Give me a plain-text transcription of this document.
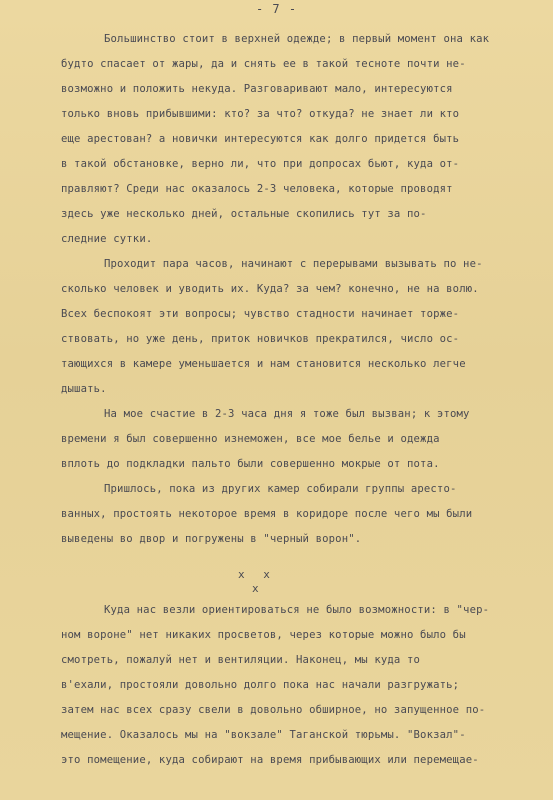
- 7 -
Большинство стоит в верхней одежде; в первый момент она как
будто спасает от жары, да и снять ее в такой тесноте почти не-
возможно и положить некуда. Разговаривают мало, интересуются
только вновь прибывшими: кто? за что? откуда? не знает ли кто
еще арестован? а новички интересуются как долго придется быть
в такой обстановке, верно ли, что при допросах бьют, куда от-
правляют? Среди нас оказалось 2-3 человека, которые проводят
здесь уже несколько дней, остальные скопились тут за по-
следние сутки.
Проходит пара часов, начинают с перерывами вызывать по не-
сколько человек и уводить их. Куда? за чем? конечно, не на волю.
Всех беспокоят эти вопросы; чувство стадности начинает торже-
ствовать, но уже день, приток новичков прекратился, число ос-
тающихся в камере уменьшается и нам становится несколько легче
дышать.
На мое счастие в 2-3 часа дня я тоже был вызван; к этому
времени я был совершенно изнеможен, все мое белье и одежда
вплоть до подкладки пальто были совершенно мокрые от пота.
Пришлось, пока из других камер собирали группы аресто-
ванных, простоять некоторое время в коридоре после чего мы были
выведены во двор и погружены в "черный ворон".
x x
x
Куда нас везли ориентироваться не было возможности: в "чер-
ном вороне" нет никаких просветов, через которые можно было бы
смотреть, пожалуй нет и вентиляции. Наконец, мы куда то
в'ехали, простояли довольно долго пока нас начали разгружать;
затем нас всех сразу свели в довольно обширное, но запущенное по-
мещение. Оказалось мы на "вокзале" Таганской тюрьмы. "Вокзал"-
это помещение, куда собирают на время прибывающих или перемещае-
